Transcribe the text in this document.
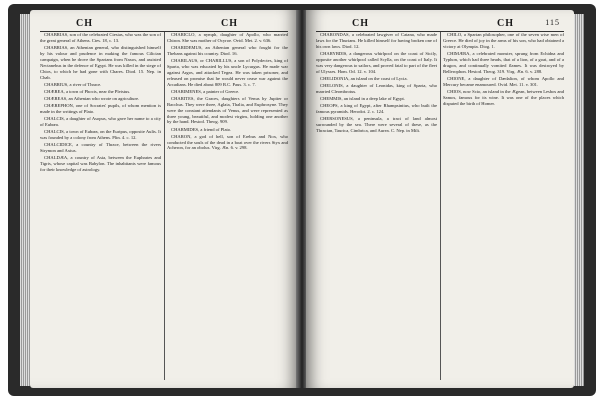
CH	CH

CHABRIAS, son of the celebrated Ctesias, who was the son of the great general of Athens. Ctes. 18, c. 13.

CHABRIAS, an Athenian general, who distinguished himself by his valour and prudence in making the famous Cilician campaign, when he drove the Spartans from Naxos, and assisted Nectanebus in the defence of Egypt. He was killed in the siege of Chios, to which he had gone with Chares. Diod. 15. Nep. in Chab.

CHABRIUS, a river of Thrace.

CHÆREA, a town of Phocis, near the Pleistus.

CHÆREAS, an Athenian who wrote on agriculture.

CHÆREPHON, one of Socrates' pupils, of whom mention is made in the writings of Plato.

CHALCIS, a daughter of Asopus, who gave her name to a city of Eubœa.

CHALCIS, a town of Eubœa, on the Euripus, opposite Aulis. It was founded by a colony from Athens. Plin. 4. c. 12.

CHALCIDICE, a country of Thrace, between the rivers Strymon and Axius.

CHALDÆA, a country of Asia, between the Euphrates and Tigris, whose capital was Babylon. The inhabitants were famous for their knowledge of astrology.

CHARICLO, a nymph, daughter of Apollo, who married Chiron. She was mother of Ocyroe. Ovid. Met. 2. v. 636.

CHARIDEMUS, an Athenian general who fought for the Thebans against his country. Diod. 16.

CHARILAUS, or CHARILLUS, a son of Polydectes, king of Sparta, who was educated by his uncle Lycurgus. He made war against Argos, and attacked Tegea. He was taken prisoner, and released on promise that he would never cease war against the Arcadians. He died about 809 B.C. Paus. 3. c. 7.

CHARIMENES, a painter of Greece.

CHARITES, the Graces, daughters of Venus by Jupiter or Bacchus. They were three, Aglaia, Thalia, and Euphrosyne. They were the constant attendants of Venus, and were represented as three young, beautiful, and modest virgins, holding one another by the hand. Hesiod. Theog. 909.

CHARMIDES, a friend of Plato.

CHARON, a god of hell, son of Erebus and Nox, who conducted the souls of the dead in a boat over the rivers Styx and Acheron, for an obolus. Virg. Æn. 6. v. 298.

CH	CH	115

CHARONDAS, a celebrated lawgiver of Catana, who made laws for the Thurians. He killed himself for having broken one of his own laws. Diod. 12.

CHARYBDIS, a dangerous whirlpool on the coast of Sicily, opposite another whirlpool called Scylla, on the coast of Italy. It was very dangerous to sailors, and proved fatal to part of the fleet of Ulysses. Hom. Od. 12. v. 104.

CHELIDONIA, an island on the coast of Lycia.

CHELONIS, a daughter of Leonidas, king of Sparta, who married Cleombrotus.

CHEMMIS, an island in a deep lake of Egypt.

CHEOPS, a king of Egypt, after Rhampsinitus, who built the famous pyramids. Herodot. 2. c. 124.

CHERSONESUS, a peninsula, a tract of land almost surrounded by the sea. There were several of these, as the Thracian, Taurica, Cimbrica, and Aurea. C. Nep. in Milt.

CHILO, a Spartan philosopher, one of the seven wise men of Greece. He died of joy in the arms of his son, who had obtained a victory at Olympia. Diog. 1.

CHIMÆRA, a celebrated monster, sprung from Echidna and Typhon, which had three heads, that of a lion, of a goat, and of a dragon, and continually vomited flames. It was destroyed by Bellerophon. Hesiod. Theog. 319. Virg. Æn. 6. v. 288.

CHIONE, a daughter of Dædalion, of whom Apollo and Mercury became enamoured. Ovid. Met. 11. v. 301.

CHIOS, now Scio, an island in the Ægean, between Lesbos and Samos, famous for its wine. It was one of the places which disputed the birth of Homer.
